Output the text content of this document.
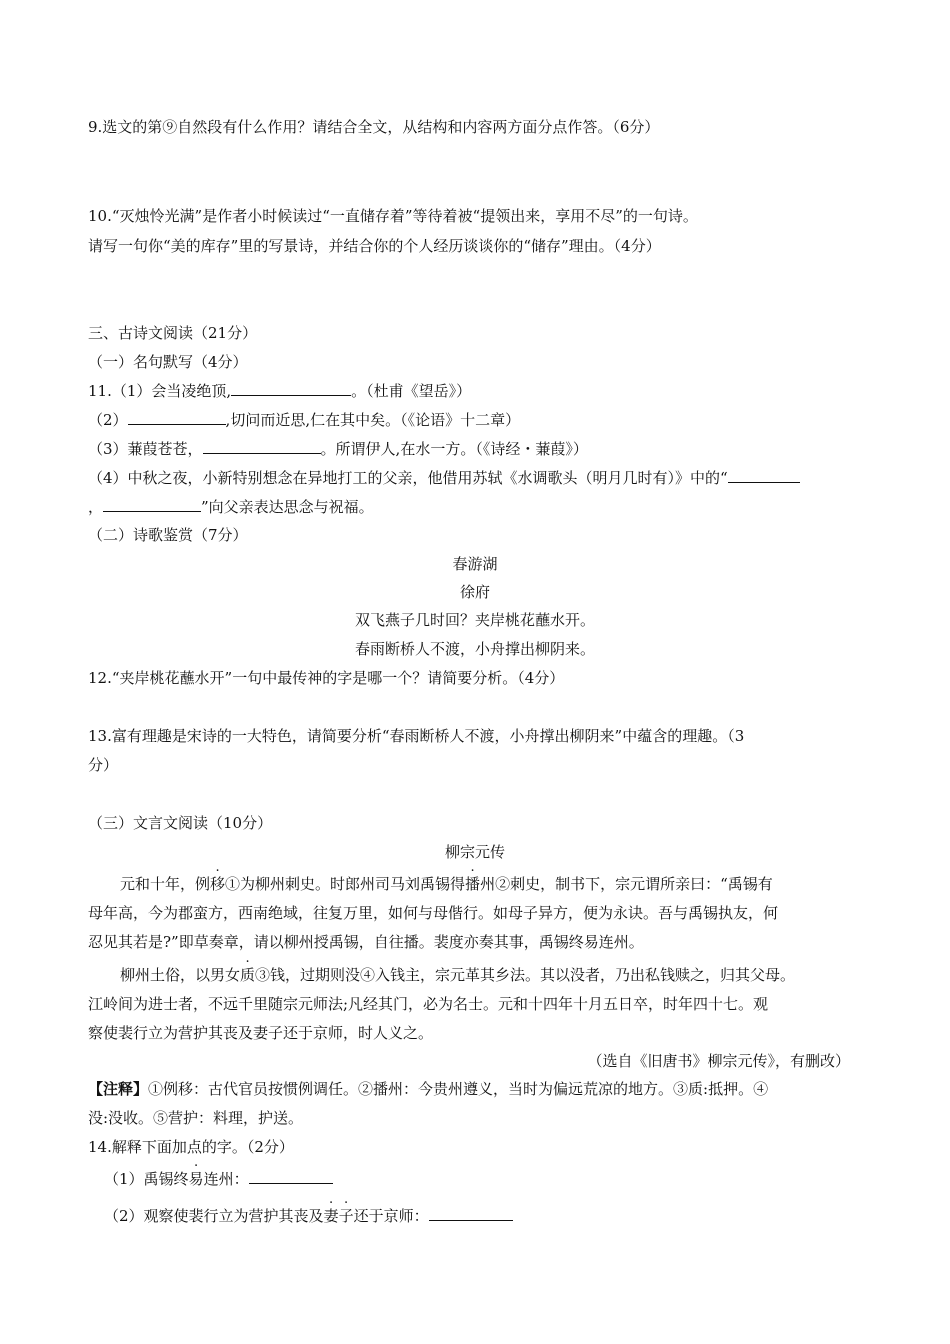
9.选文的第⑨自然段有什么作用？请结合全文，从结构和内容两方面分点作答。（6分）
10.“灭烛怜光满”是作者小时候读过“一直储存着”等待着被“提领出来，享用不尽”的一句诗。
请写一句你“美的库存”里的写景诗，并结合你的个人经历谈谈你的“储存”理由。（4分）
三、古诗文阅读（21分）
（一）名句默写（4分）
11.（1）会当凌绝顶,	。（杜甫《望岳》）
（2）	,切问而近思,仁在其中矣。（《论语》十二章）
（3）蒹葭苍苍，	。所谓伊人,在水一方。（《诗经・蒹葭》）
（4）中秋之夜，小新特别想念在异地打工的父亲，他借用苏轼《水调歌头（明月几时有）》中的“
，	”向父亲表达思念与祝福。
（二）诗歌鉴赏（7分）
春游湖
徐府
双飞燕子几时回？夹岸桃花蘸水开。
春雨断桥人不渡，小舟撑出柳阴来。
12.“夹岸桃花蘸水开”一句中最传神的字是哪一个？请简要分析。（4分）
13.富有理趣是宋诗的一大特色，请简要分析“春雨断桥人不渡，小舟撑出柳阴来”中蕴含的理趣。（3
分）
（三）文言文阅读（10分）
柳宗元传
元和十年，例移①为柳州刺史。时郎州司马刘禹锡得播州②刺史，制书下，宗元谓所亲曰：“禹锡有
母年高，今为郡蛮方，西南绝域，往复万里，如何与母偕行。如母子异方，便为永诀。吾与禹锡执友，何
忍见其若是?”即草奏章，请以柳州授禹锡，自往播。裴度亦奏其事，禹锡终易连州。
柳州土俗，以男女质③钱，过期则没④入钱主，宗元革其乡法。其以没者，乃出私钱赎之，归其父母。
江岭间为进士者，不远千里随宗元师法;凡经其门，必为名士。元和十四年十月五日卒，时年四十七。观
察使裴行立为营护其丧及妻子还于京师，时人义之。
（选自《旧唐书》柳宗元传》，有删改）
【注释】①例移：古代官员按惯例调任。②播州：今贵州遵义，当时为偏远荒凉的地方。③质:抵押。④
没:没收。⑤营护：料理，护送。
14.解释下面加点的字。（2分）
（1）禹锡终易连州：
（2）观察使裴行立为营护其丧及妻子还于京师：
